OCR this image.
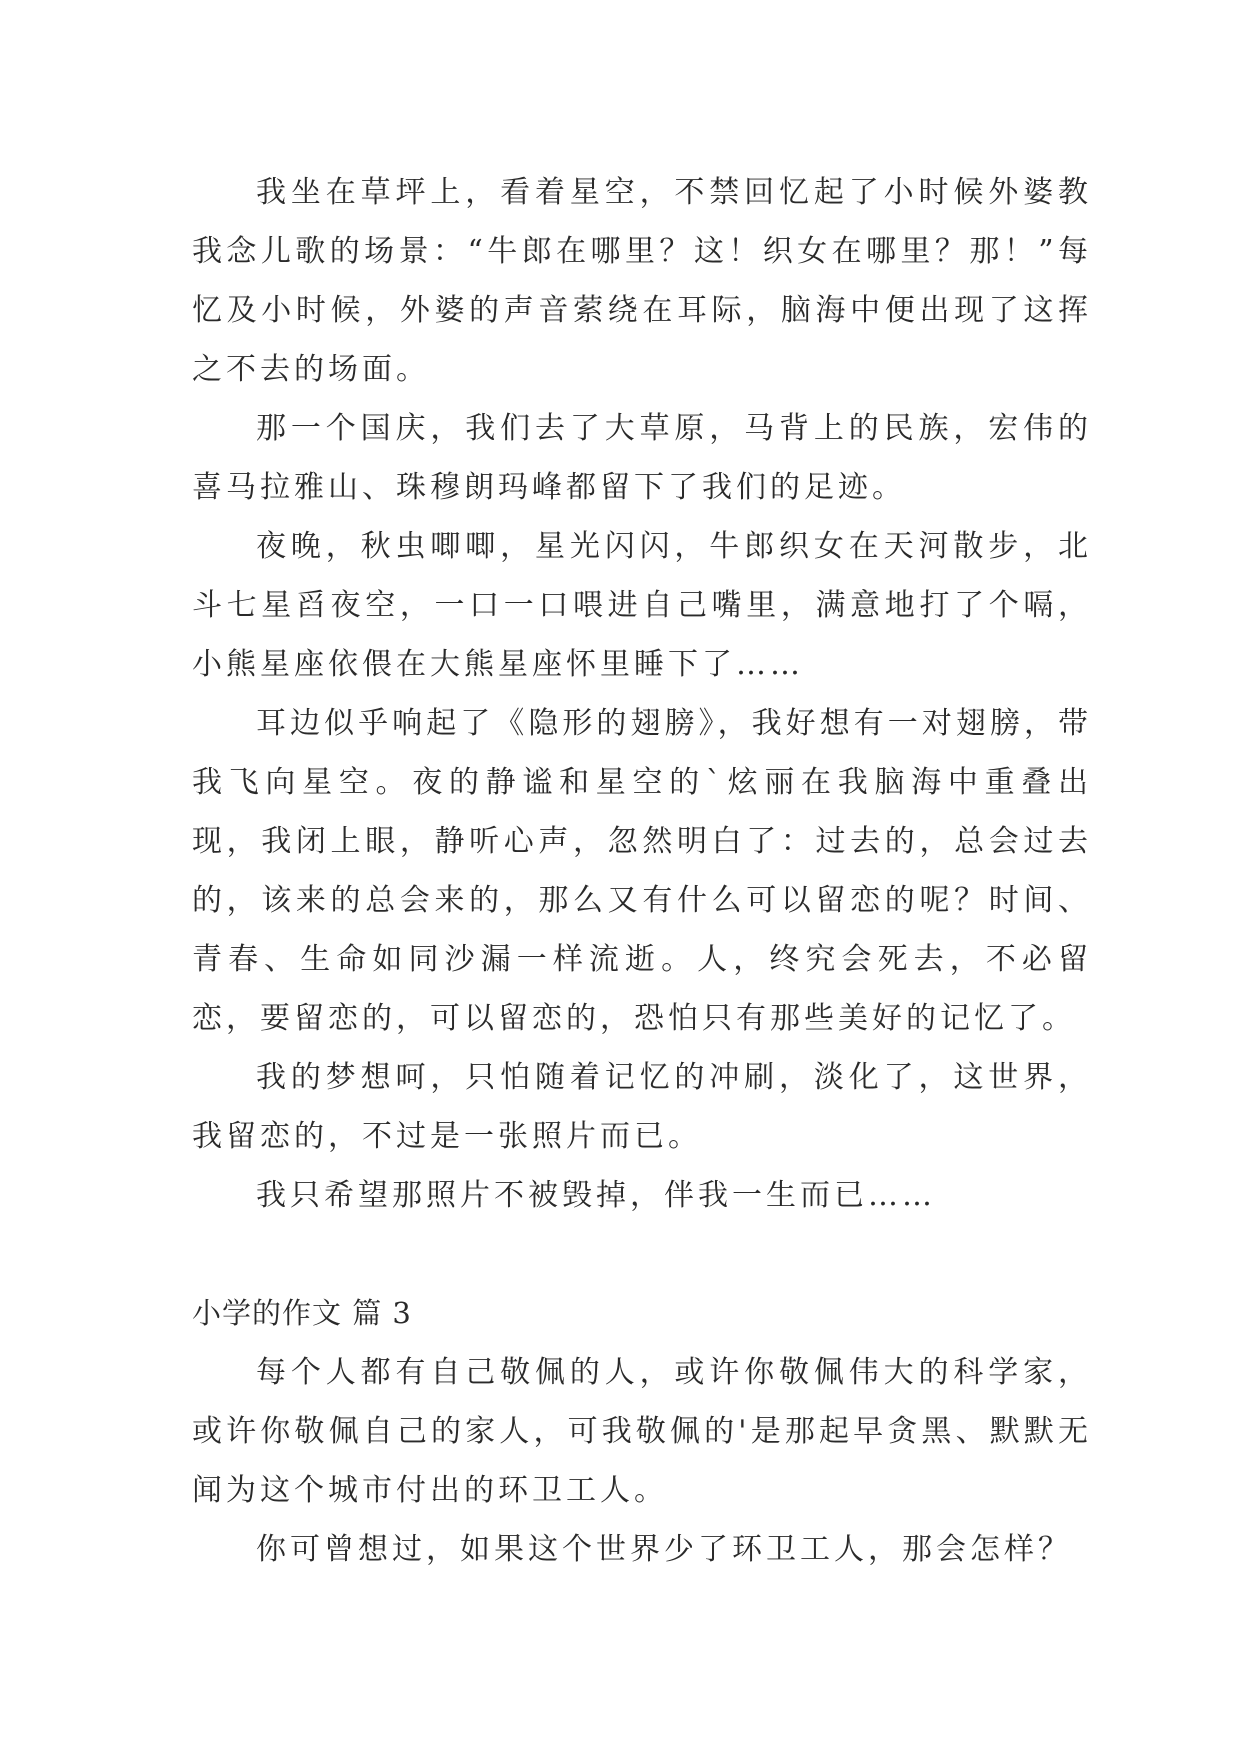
我坐在草坪上，看着星空，不禁回忆起了小时候外婆教我念儿歌的场景：“牛郎在哪里？这！织女在哪里？那！”每忆及小时候，外婆的声音萦绕在耳际，脑海中便出现了这挥之不去的场面。

那一个国庆，我们去了大草原，马背上的民族，宏伟的喜马拉雅山、珠穆朗玛峰都留下了我们的足迹。

夜晚，秋虫唧唧，星光闪闪，牛郎织女在天河散步，北斗七星舀夜空，一口一口喂进自己嘴里，满意地打了个嗝，小熊星座依偎在大熊星座怀里睡下了……

耳边似乎响起了《隐形的翅膀》，我好想有一对翅膀，带我飞向星空。夜的静谧和星空的`炫丽在我脑海中重叠出现，我闭上眼，静听心声，忽然明白了：过去的，总会过去的，该来的总会来的，那么又有什么可以留恋的呢？时间、青春、生命如同沙漏一样流逝。人，终究会死去，不必留恋，要留恋的，可以留恋的，恐怕只有那些美好的记忆了。

我的梦想呵，只怕随着记忆的冲刷，淡化了，这世界，我留恋的，不过是一张照片而已。

我只希望那照片不被毁掉，伴我一生而已……

小学的作文 篇 3

每个人都有自己敬佩的人，或许你敬佩伟大的科学家，或许你敬佩自己的家人，可我敬佩的'是那起早贪黑、默默无闻为这个城市付出的环卫工人。

你可曾想过，如果这个世界少了环卫工人，那会怎样？
